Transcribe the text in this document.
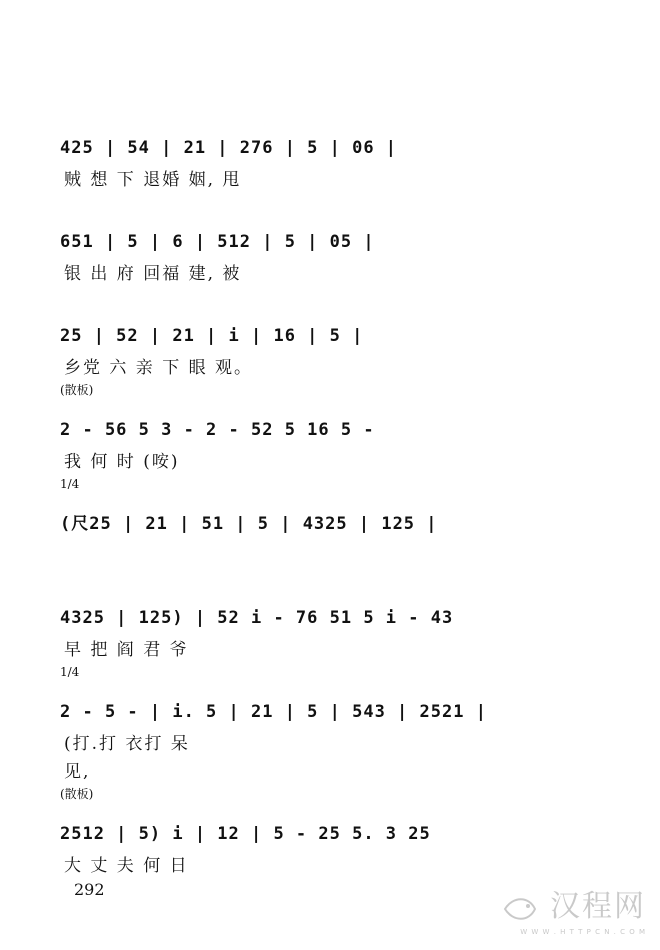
425 | 54 | 21 | 276 | 5 | 06 |
贼 想 下 退婚 姻, 甩
651 | 5 | 6 | 512 | 5 | 05 |
银 出 府 回福 建, 被
25 | 52 | 21 | i | 16 | 5 |
乡党 六 亲 下 眼 观。
(散板)
2 - 56 5 3 - 2 - 52 5 16 5 -
我 何 时 (咹)
1/4
(尺25 | 21 | 51 | 5 | 4325 | 125 |
4325 | 125) | 52 i - 76 51 5 i - 43
早 把 阎 君 爷
1/4
2 - 5 - | i. 5 | 21 | 5 | 543 | 2521 |
(打.打 衣打 呆
见,
(散板)
2512 | 5) i | 12 | 5 - 25 5. 3 25
大 丈 夫 何 日
292	汉程网
W W W . H T T P C N . C O M
